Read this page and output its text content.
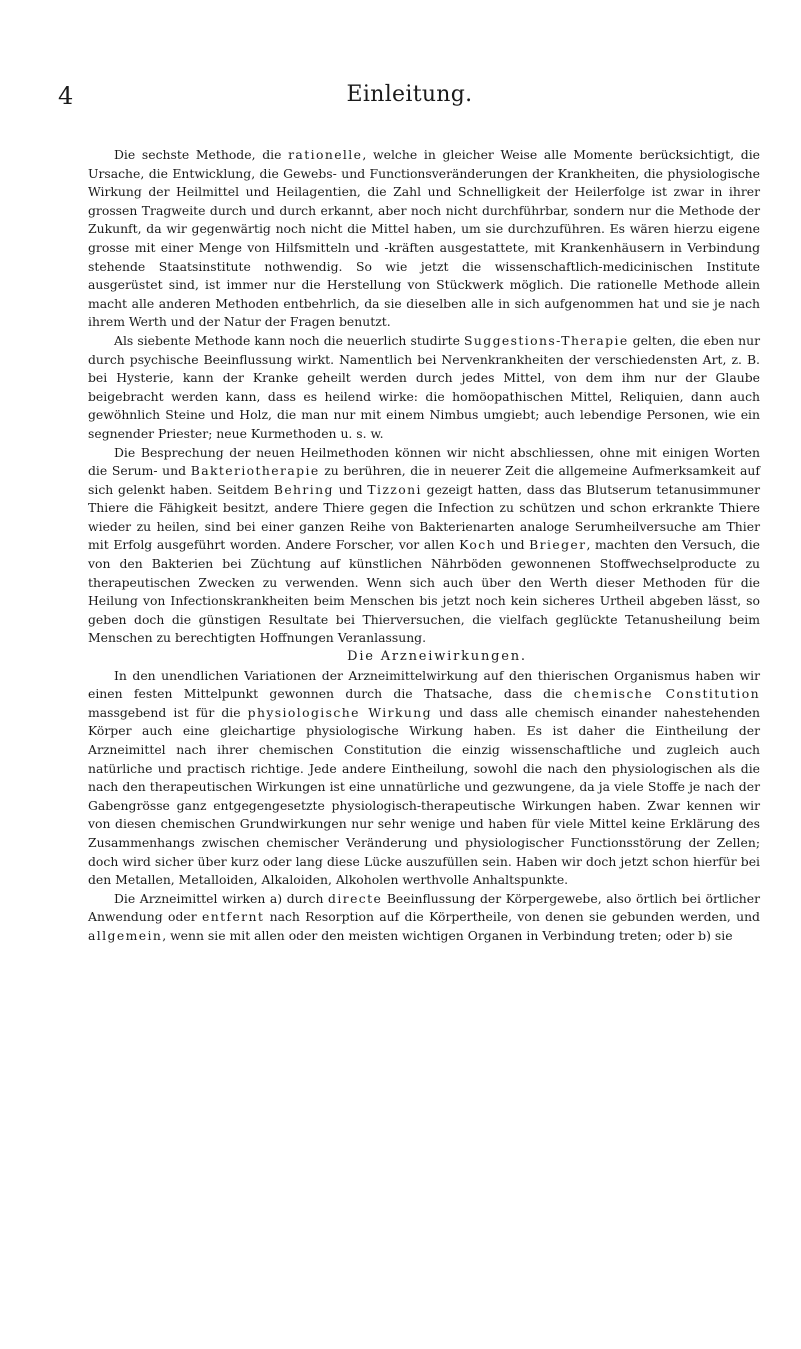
4	Einleitung.

Die sechste Methode, die rationelle, welche in gleicher Weise alle Momente berücksichtigt, die Ursache, die Entwicklung, die Gewebs- und Functionsveränderungen der Krankheiten, die physiologische Wirkung der Heilmittel und Heilagentien, die Zahl und Schnelligkeit der Heilerfolge ist zwar in ihrer grossen Tragweite durch und durch erkannt, aber noch nicht durchführbar, sondern nur die Methode der Zukunft, da wir gegenwärtig noch nicht die Mittel haben, um sie durchzuführen. Es wären hierzu eigene grosse mit einer Menge von Hilfsmitteln und -kräften ausgestattete, mit Krankenhäusern in Verbindung stehende Staatsinstitute nothwendig. So wie jetzt die wissenschaftlich-medicinischen Institute ausgerüstet sind, ist immer nur die Herstellung von Stückwerk möglich. Die rationelle Methode allein macht alle anderen Methoden entbehrlich, da sie dieselben alle in sich aufgenommen hat und sie je nach ihrem Werth und der Natur der Fragen benutzt.

Als siebente Methode kann noch die neuerlich studirte Suggestions-Therapie gelten, die eben nur durch psychische Beeinflussung wirkt. Namentlich bei Nervenkrankheiten der verschiedensten Art, z. B. bei Hysterie, kann der Kranke geheilt werden durch jedes Mittel, von dem ihm nur der Glaube beigebracht werden kann, dass es heilend wirke: die homöopathischen Mittel, Reliquien, dann auch gewöhnlich Steine und Holz, die man nur mit einem Nimbus umgiebt; auch lebendige Personen, wie ein segnender Priester; neue Kurmethoden u. s. w.

Die Besprechung der neuen Heilmethoden können wir nicht abschliessen, ohne mit einigen Worten die Serum- und Bakteriotherapie zu berühren, die in neuerer Zeit die allgemeine Aufmerksamkeit auf sich gelenkt haben. Seitdem Behring und Tizzoni gezeigt hatten, dass das Blutserum tetanusimmuner Thiere die Fähigkeit besitzt, andere Thiere gegen die Infection zu schützen und schon erkrankte Thiere wieder zu heilen, sind bei einer ganzen Reihe von Bakterienarten analoge Serumheilversuche am Thier mit Erfolg ausgeführt worden. Andere Forscher, vor allen Koch und Brieger, machten den Versuch, die von den Bakterien bei Züchtung auf künstlichen Nährböden gewonnenen Stoffwechselproducte zu therapeutischen Zwecken zu verwenden. Wenn sich auch über den Werth dieser Methoden für die Heilung von Infectionskrankheiten beim Menschen bis jetzt noch kein sicheres Urtheil abgeben lässt, so geben doch die günstigen Resultate bei Thierversuchen, die vielfach geglückte Tetanusheilung beim Menschen zu berechtigten Hoffnungen Veranlassung.

Die Arzneiwirkungen.

In den unendlichen Variationen der Arzneimittelwirkung auf den thierischen Organismus haben wir einen festen Mittelpunkt gewonnen durch die Thatsache, dass die chemische Constitution massgebend ist für die physiologische Wirkung und dass alle chemisch einander nahestehenden Körper auch eine gleichartige physiologische Wirkung haben. Es ist daher die Eintheilung der Arzneimittel nach ihrer chemischen Constitution die einzig wissenschaftliche und zugleich auch natürliche und practisch richtige. Jede andere Eintheilung, sowohl die nach den physiologischen als die nach den therapeutischen Wirkungen ist eine unnatürliche und gezwungene, da ja viele Stoffe je nach der Gabengrösse ganz entgegengesetzte physiologisch-therapeutische Wirkungen haben. Zwar kennen wir von diesen chemischen Grundwirkungen nur sehr wenige und haben für viele Mittel keine Erklärung des Zusammenhangs zwischen chemischer Veränderung und physiologischer Functionsstörung der Zellen; doch wird sicher über kurz oder lang diese Lücke auszufüllen sein. Haben wir doch jetzt schon hierfür bei den Metallen, Metalloiden, Alkaloiden, Alkoholen werthvolle Anhaltspunkte.

Die Arzneimittel wirken a) durch directe Beeinflussung der Körpergewebe, also örtlich bei örtlicher Anwendung oder entfernt nach Resorption auf die Körpertheile, von denen sie gebunden werden, und allgemein, wenn sie mit allen oder den meisten wichtigen Organen in Verbindung treten; oder b) sie
